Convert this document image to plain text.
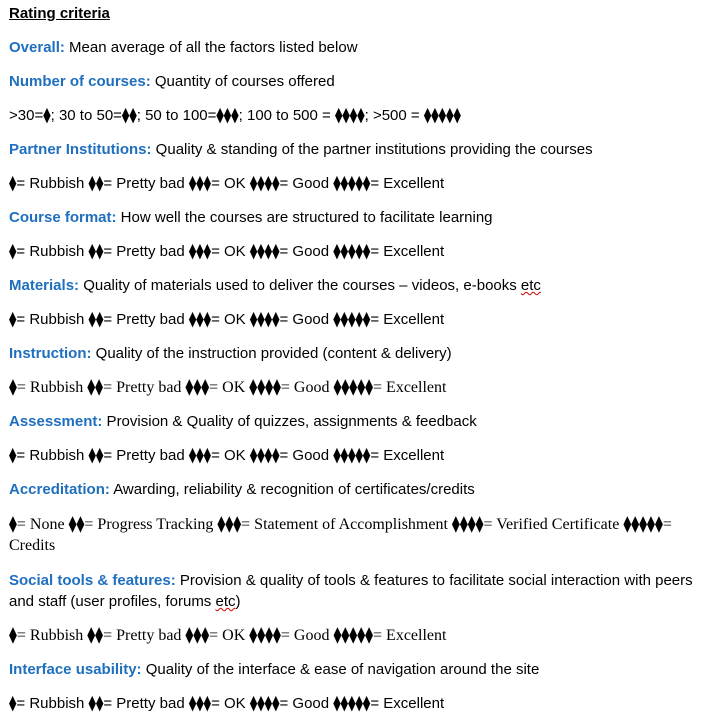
Rating criteria
Overall: Mean average of all the factors listed below
Number of courses: Quantity of courses offered
>30=⧫; 30 to 50=⧫⧫; 50 to 100=⧫⧫⧫; 100 to 500 = ⧫⧫⧫⧫; >500 = ⧫⧫⧫⧫⧫
Partner Institutions: Quality & standing of the partner institutions providing the courses
⧫= Rubbish ⧫⧫= Pretty bad ⧫⧫⧫= OK ⧫⧫⧫⧫= Good ⧫⧫⧫⧫⧫= Excellent
Course format: How well the courses are structured to facilitate learning
⧫= Rubbish ⧫⧫= Pretty bad ⧫⧫⧫= OK ⧫⧫⧫⧫= Good ⧫⧫⧫⧫⧫= Excellent
Materials: Quality of materials used to deliver the courses – videos, e-books etc
⧫= Rubbish ⧫⧫= Pretty bad ⧫⧫⧫= OK ⧫⧫⧫⧫= Good ⧫⧫⧫⧫⧫= Excellent
Instruction: Quality of the instruction provided (content & delivery)
⧫= Rubbish ⧫⧫= Pretty bad ⧫⧫⧫= OK ⧫⧫⧫⧫= Good ⧫⧫⧫⧫⧫= Excellent
Assessment: Provision & Quality of quizzes, assignments & feedback
⧫= Rubbish ⧫⧫= Pretty bad ⧫⧫⧫= OK ⧫⧫⧫⧫= Good ⧫⧫⧫⧫⧫= Excellent
Accreditation: Awarding, reliability & recognition of certificates/credits
⧫= None ⧫⧫= Progress Tracking ⧫⧫⧫= Statement of Accomplishment ⧫⧫⧫⧫= Verified Certificate ⧫⧫⧫⧫⧫= Credits
Social tools & features: Provision & quality of tools & features to facilitate social interaction with peers and staff (user profiles, forums etc)
⧫= Rubbish ⧫⧫= Pretty bad ⧫⧫⧫= OK ⧫⧫⧫⧫= Good ⧫⧫⧫⧫⧫= Excellent
Interface usability: Quality of the interface & ease of navigation around the site
⧫= Rubbish ⧫⧫= Pretty bad ⧫⧫⧫= OK ⧫⧫⧫⧫= Good ⧫⧫⧫⧫⧫= Excellent
